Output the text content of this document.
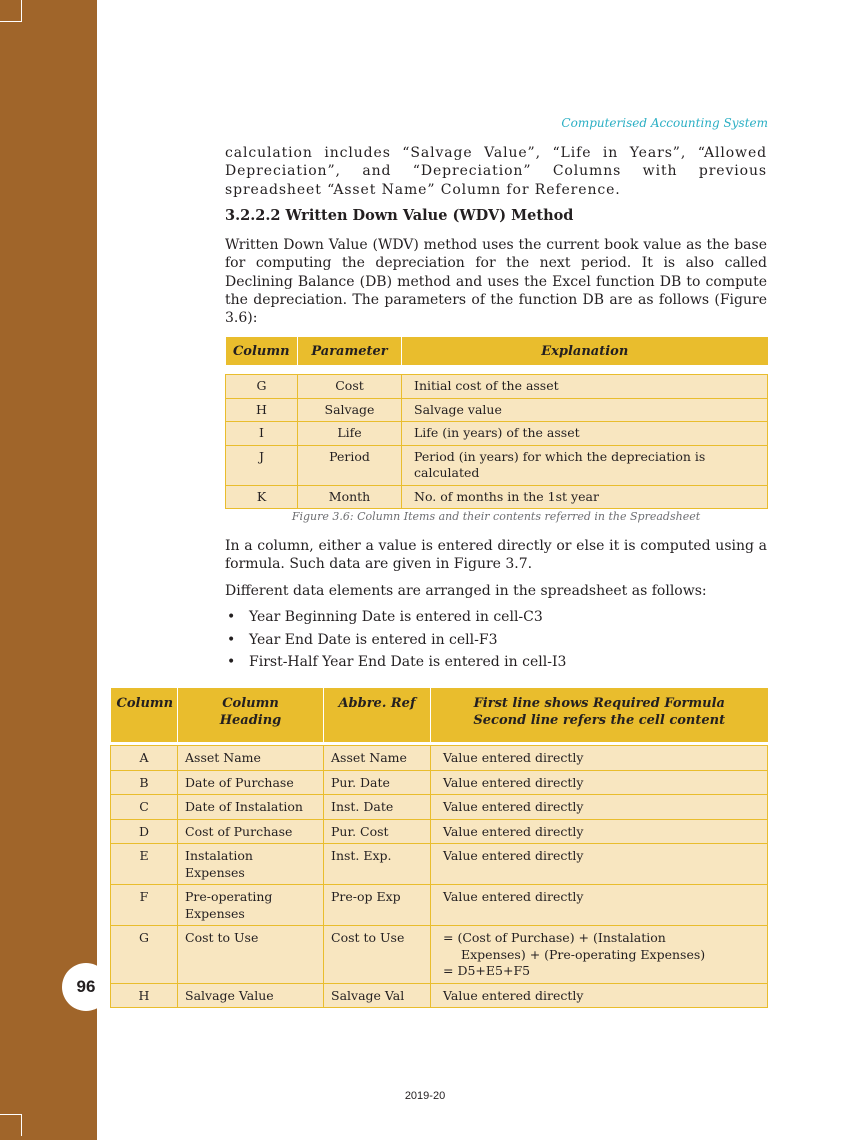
96
Computerised Accounting System

calculation includes “Salvage Value”, “Life in Years”, “Allowed Depreciation”, and “Depreciation” Columns with previous spreadsheet “Asset Name” Column for Reference.

3.2.2.2 Written Down Value (WDV) Method

Written Down Value (WDV) method uses the current book value as the base for computing the depreciation for the next period. It is also called Declining Balance (DB) method and uses the Excel function DB to compute the depreciation. The parameters of the function DB are as follows (Figure 3.6):

Column	Parameter	Explanation

G	Cost	Initial cost of the asset
H	Salvage	Salvage value
I	Life	Life (in years) of the asset
J	Period	Period (in years) for which the depreciation is calculated
K	Month	No. of months in the 1st year
Figure 3.6: Column Items and their contents referred in the Spreadsheet

In a column, either a value is entered directly or else it is computed using a formula. Such data are given in Figure 3.7.

Different data elements are arranged in the spreadsheet as follows:

• Year Beginning Date is entered in cell-C3
• Year End Date is entered in cell-F3
• First-Half Year End Date is entered in cell-I3
Column	Column Heading	Abbre. Ref	First line shows Required Formula Second line refers the cell content

A	Asset Name	Asset Name	Value entered directly
B	Date of Purchase	Pur. Date	Value entered directly
C	Date of Instalation	Inst. Date	Value entered directly
D	Cost of Purchase	Pur. Cost	Value entered directly
E	Instalation Expenses	Inst. Exp.	Value entered directly
F	Pre-operating Expenses	Pre-op Exp	Value entered directly
G	Cost to Use	Cost to Use	= (Cost of Purchase) + (Instalation Expenses) + (Pre-operating Expenses)
= D5+E5+F5

H	Salvage Value	Salvage Val	Value entered directly
2019-20
